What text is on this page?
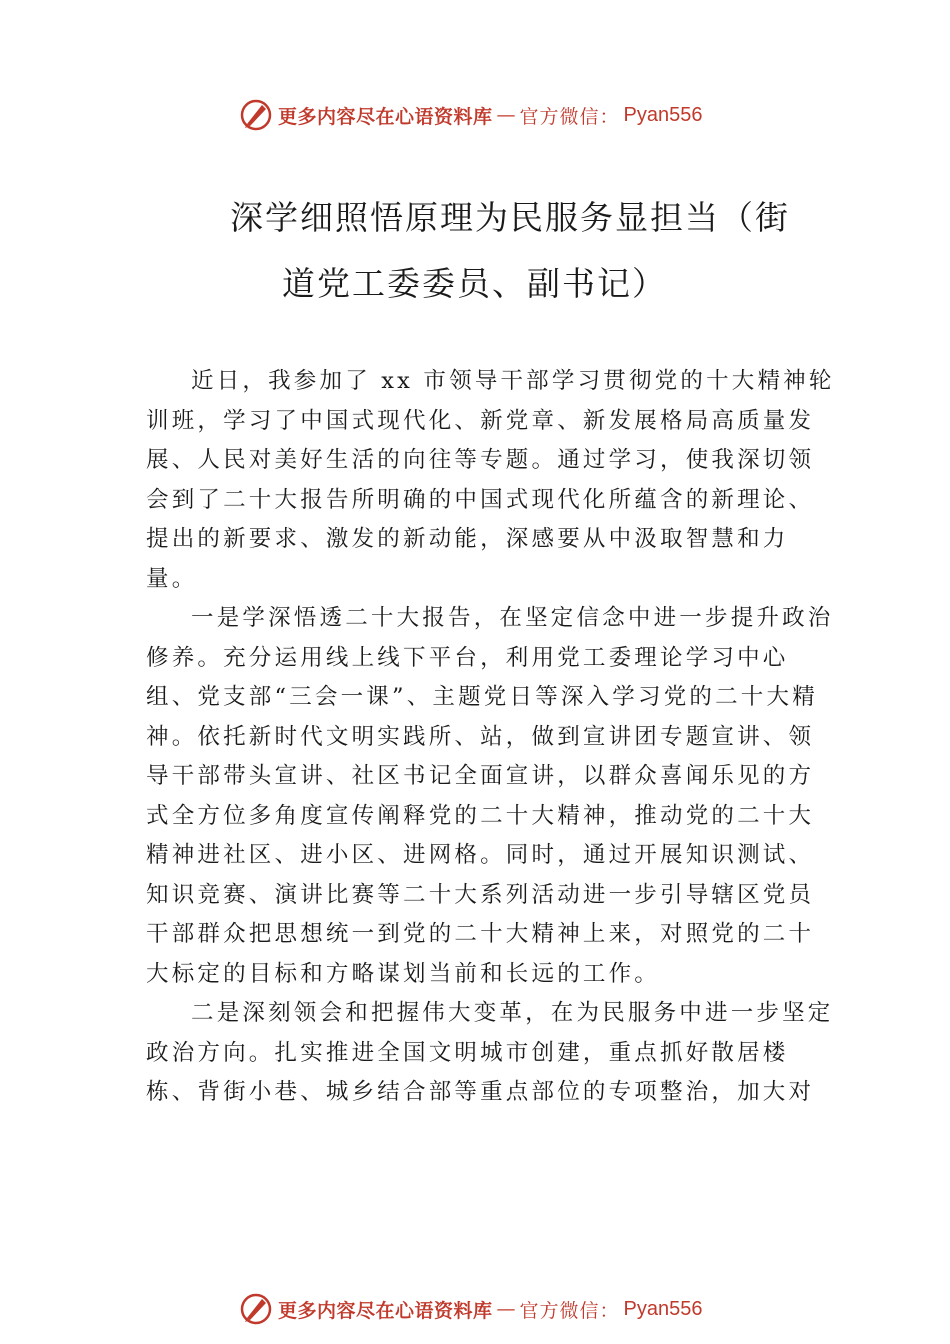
更多内容尽在心语资料库 — 官方微信： Pyan556
深学细照悟原理为民服务显担当（街
道党工委委员、副书记）

近日，我参加了 xx 市领导干部学习贯彻党的十大精神轮训班，学习了中国式现代化、新党章、新发展格局高质量发展、人民对美好生活的向往等专题。通过学习，使我深切领会到了二十大报告所明确的中国式现代化所蕴含的新理论、提出的新要求、激发的新动能，深感要从中汲取智慧和力量。

一是学深悟透二十大报告，在坚定信念中进一步提升政治修养。充分运用线上线下平台，利用党工委理论学习中心组、党支部“三会一课”、主题党日等深入学习党的二十大精神。依托新时代文明实践所、站，做到宣讲团专题宣讲、领导干部带头宣讲、社区书记全面宣讲，以群众喜闻乐见的方式全方位多角度宣传阐释党的二十大精神，推动党的二十大精神进社区、进小区、进网格。同时，通过开展知识测试、 知识竞赛、演讲比赛等二十大系列活动进一步引导辖区党员干部群众把思想统一到党的二十大精神上来，对照党的二十大标定的目标和方略谋划当前和长远的工作。

二是深刻领会和把握伟大变革，在为民服务中进一步坚定政治方向。扎实推进全国文明城市创建，重点抓好散居楼栋、背街小巷、城乡结合部等重点部位的专项整治，加大对

更多内容尽在心语资料库 — 官方微信： Pyan556
